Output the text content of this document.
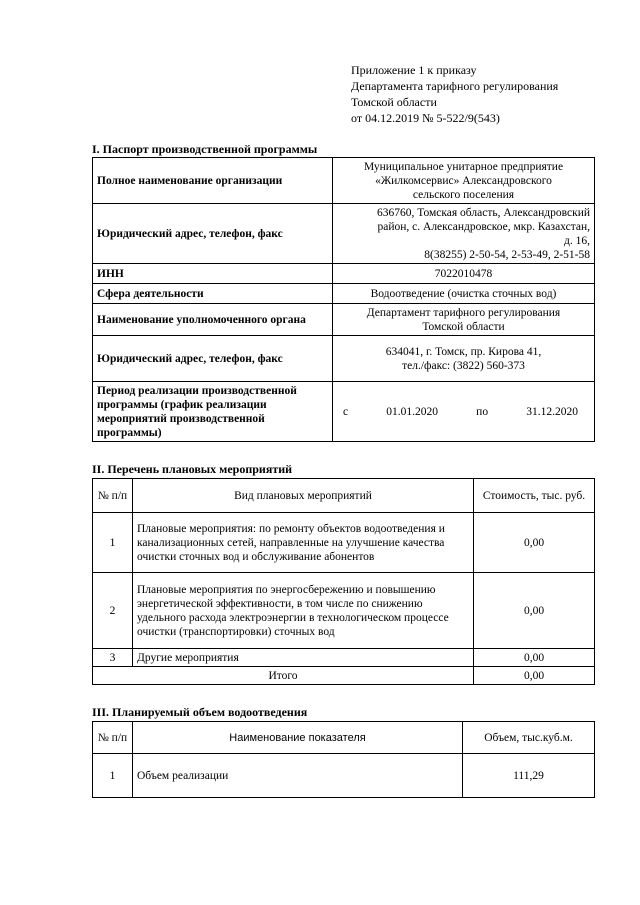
Приложение 1 к приказу
Департамента тарифного регулирования
Томской области
от 04.12.2019 № 5-522/9(543)
I. Паспорт производственной программы
Полное наименование организации	Муниципальное унитарное предприятие
«Жилкомсервис» Александровского
сельского поселения

Юридический адрес, телефон, факс	636760, Томская область, Александровский
район, с. Александровское, мкр. Казахстан,
д. 16,
8(38255) 2-50-54, 2-53-49, 2-51-58

ИНН	7022010478
Сфера деятельности	Водоотведение (очистка сточных вод)
Наименование уполномоченного органа	Департамент тарифного регулирования
Томской области

Юридический адрес, телефон, факс	634041, г. Томск, пр. Кирова 41,
тел./факс: (3822) 560-373

Период реализации производственной программы (график реализации мероприятий производственной программы)	с 01.01.2020 по 31.12.2020
II. Перечень плановых мероприятий
№ п/п	Вид плановых мероприятий	Стоимость, тыс. руб.
1	Плановые мероприятия: по ремонту объектов водоотведения и канализационных сетей, направленные на улучшение качества очистки сточных вод и обслуживание абонентов	0,00
2	Плановые мероприятия по энергосбережению и повышению энергетической эффективности, в том числе по снижению удельного расхода электроэнергии в технологическом процессе очистки (транспортировки) сточных вод	0,00
3	Другие мероприятия	0,00
Итого		0,00
III. Планируемый объем водоотведения
№ п/п	Наименование показателя	Объем, тыс.куб.м.
1	Объем реализации	111,29
